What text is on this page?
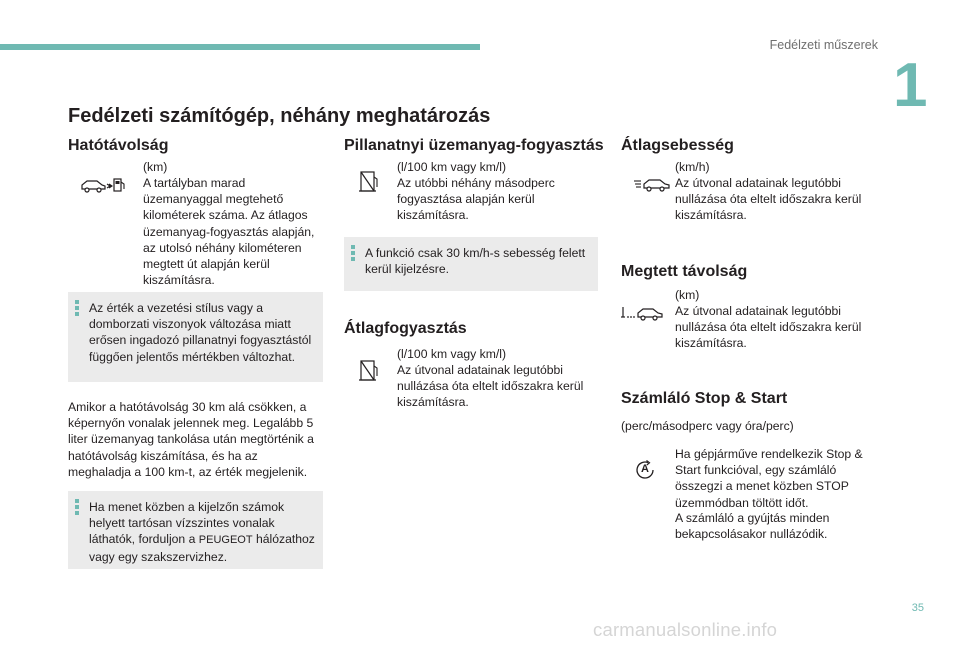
Fedélzeti műszerek
1
Fedélzeti számítógép, néhány meghatározás
Hatótávolság
(km)
A tartályban marad üzemanyaggal megtehető kilométerek száma. Az átlagos üzemanyag-fogyasztás alapján, az utolsó néhány kilométeren megtett út alapján kerül kiszámításra.
Az érték a vezetési stílus vagy a domborzati viszonyok változása miatt erősen ingadozó pillanatnyi fogyasztástól függően jelentős mértékben változhat.
Amikor a hatótávolság 30 km alá csökken, a képernyőn vonalak jelennek meg. Legalább 5 liter üzemanyag tankolása után megtörténik a hatótávolság kiszámítása, és ha az meghaladja a 100 km-t, az érték megjelenik.
Ha menet közben a kijelzőn számok helyett tartósan vízszintes vonalak láthatók, forduljon a PEUGEOT hálózathoz vagy egy szakszervizhez.
Pillanatnyi üzemanyag-fogyasztás
(l/100 km vagy km/l)
Az utóbbi néhány másodperc fogyasztása alapján kerül kiszámításra.
A funkció csak 30 km/h-s sebesség felett kerül kijelzésre.
Átlagfogyasztás
(l/100 km vagy km/l)
Az útvonal adatainak legutóbbi nullázása óta eltelt időszakra kerül kiszámításra.
Átlagsebesség
(km/h)
Az útvonal adatainak legutóbbi nullázása óta eltelt időszakra kerül kiszámításra.
Megtett távolság
(km)
Az útvonal adatainak legutóbbi nullázása óta eltelt időszakra kerül kiszámításra.
Számláló Stop & Start
(perc/másodperc vagy óra/perc)
A
Ha gépjárműve rendelkezik Stop & Start funkcióval, egy számláló összegzi a menet közben STOP üzemmódban töltött időt.
A számláló a gyújtás minden bekapcsolásakor nullázódik.
35
carmanualsonline.info
